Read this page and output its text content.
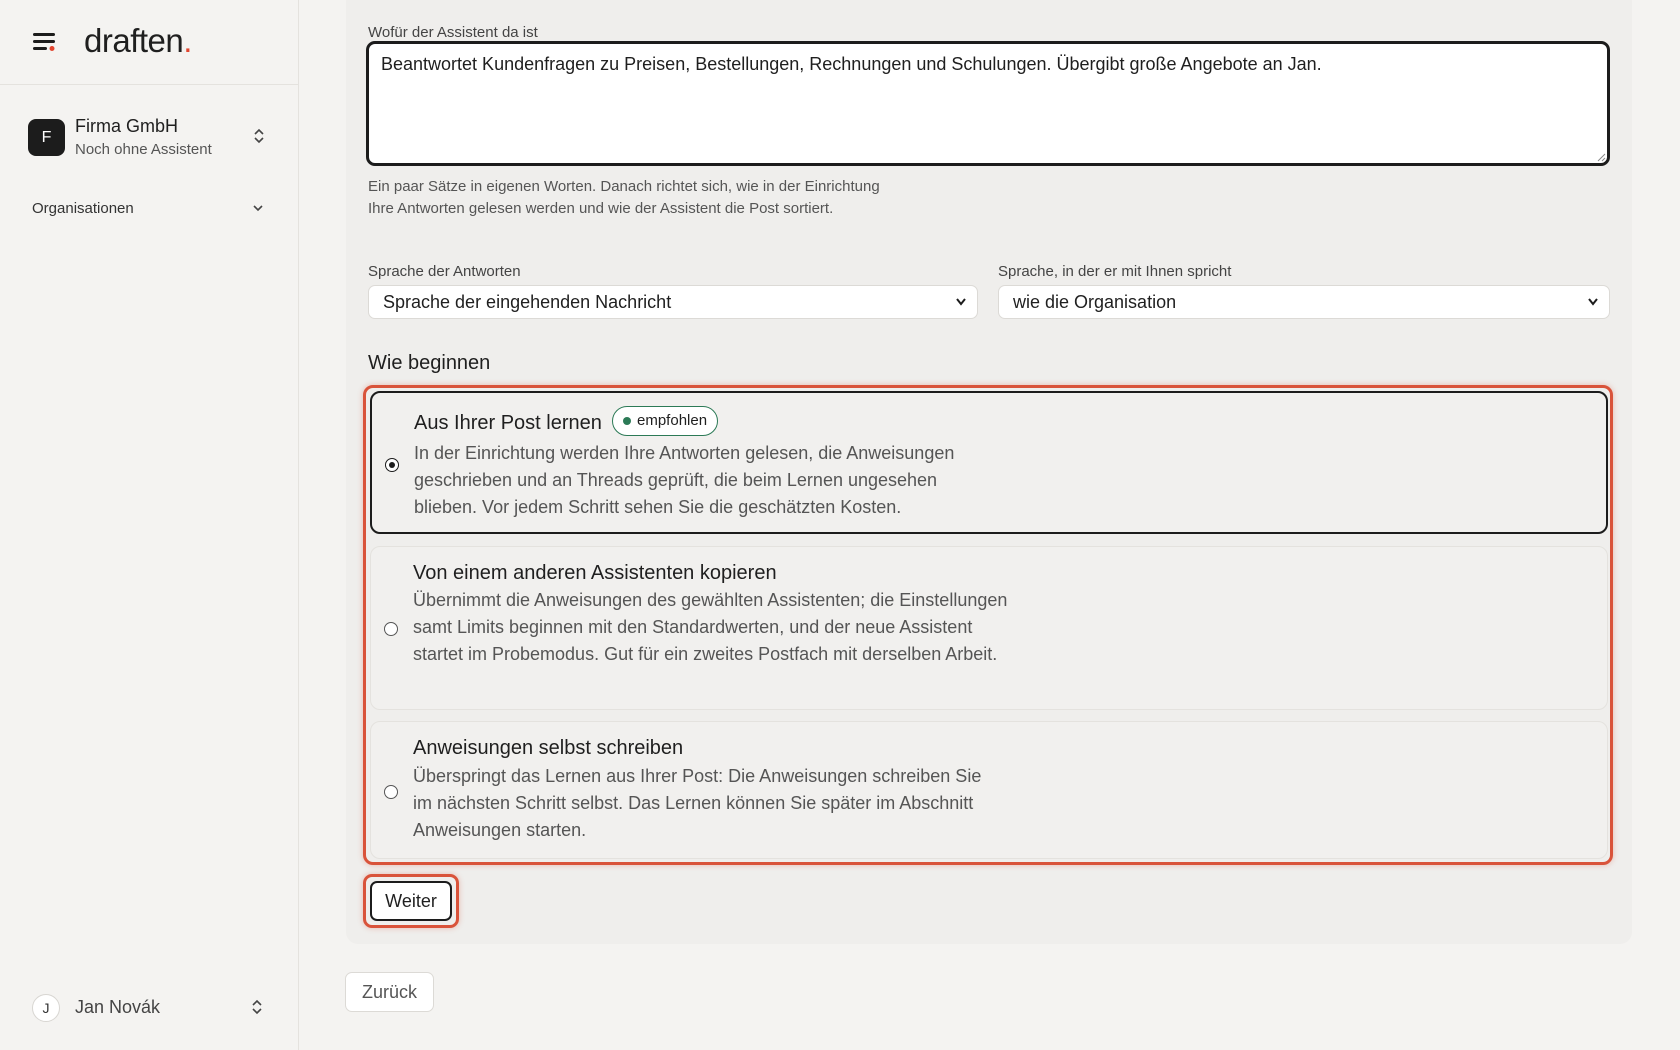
draften.
F
Firma GmbH
Noch ohne Assistent
Organisationen
J	Jan Novák
Wofür der Assistent da ist
Beantwortet Kundenfragen zu Preisen, Bestellungen, Rechnungen und Schulungen. Übergibt große Angebote an Jan.
Ein paar Sätze in eigenen Worten. Danach richtet sich, wie in der Einrichtung Ihre Antworten gelesen werden und wie der Assistent die Post sortiert.
Sprache der Antworten
Sprache der eingehenden Nachricht
Sprache, in der er mit Ihnen spricht
wie die Organisation
Wie beginnen
Aus Ihrer Post lernen	empfohlen
In der Einrichtung werden Ihre Antworten gelesen, die Anweisungen geschrieben und an Threads geprüft, die beim Lernen ungesehen blieben. Vor jedem Schritt sehen Sie die geschätzten Kosten.
Von einem anderen Assistenten kopieren
Übernimmt die Anweisungen des gewählten Assistenten; die Einstellungen samt Limits beginnen mit den Standardwerten, und der neue Assistent startet im Probemodus. Gut für ein zweites Postfach mit derselben Arbeit.
Anweisungen selbst schreiben
Überspringt das Lernen aus Ihrer Post: Die Anweisungen schreiben Sie im nächsten Schritt selbst. Das Lernen können Sie später im Abschnitt Anweisungen starten.
Weiter
Zurück
